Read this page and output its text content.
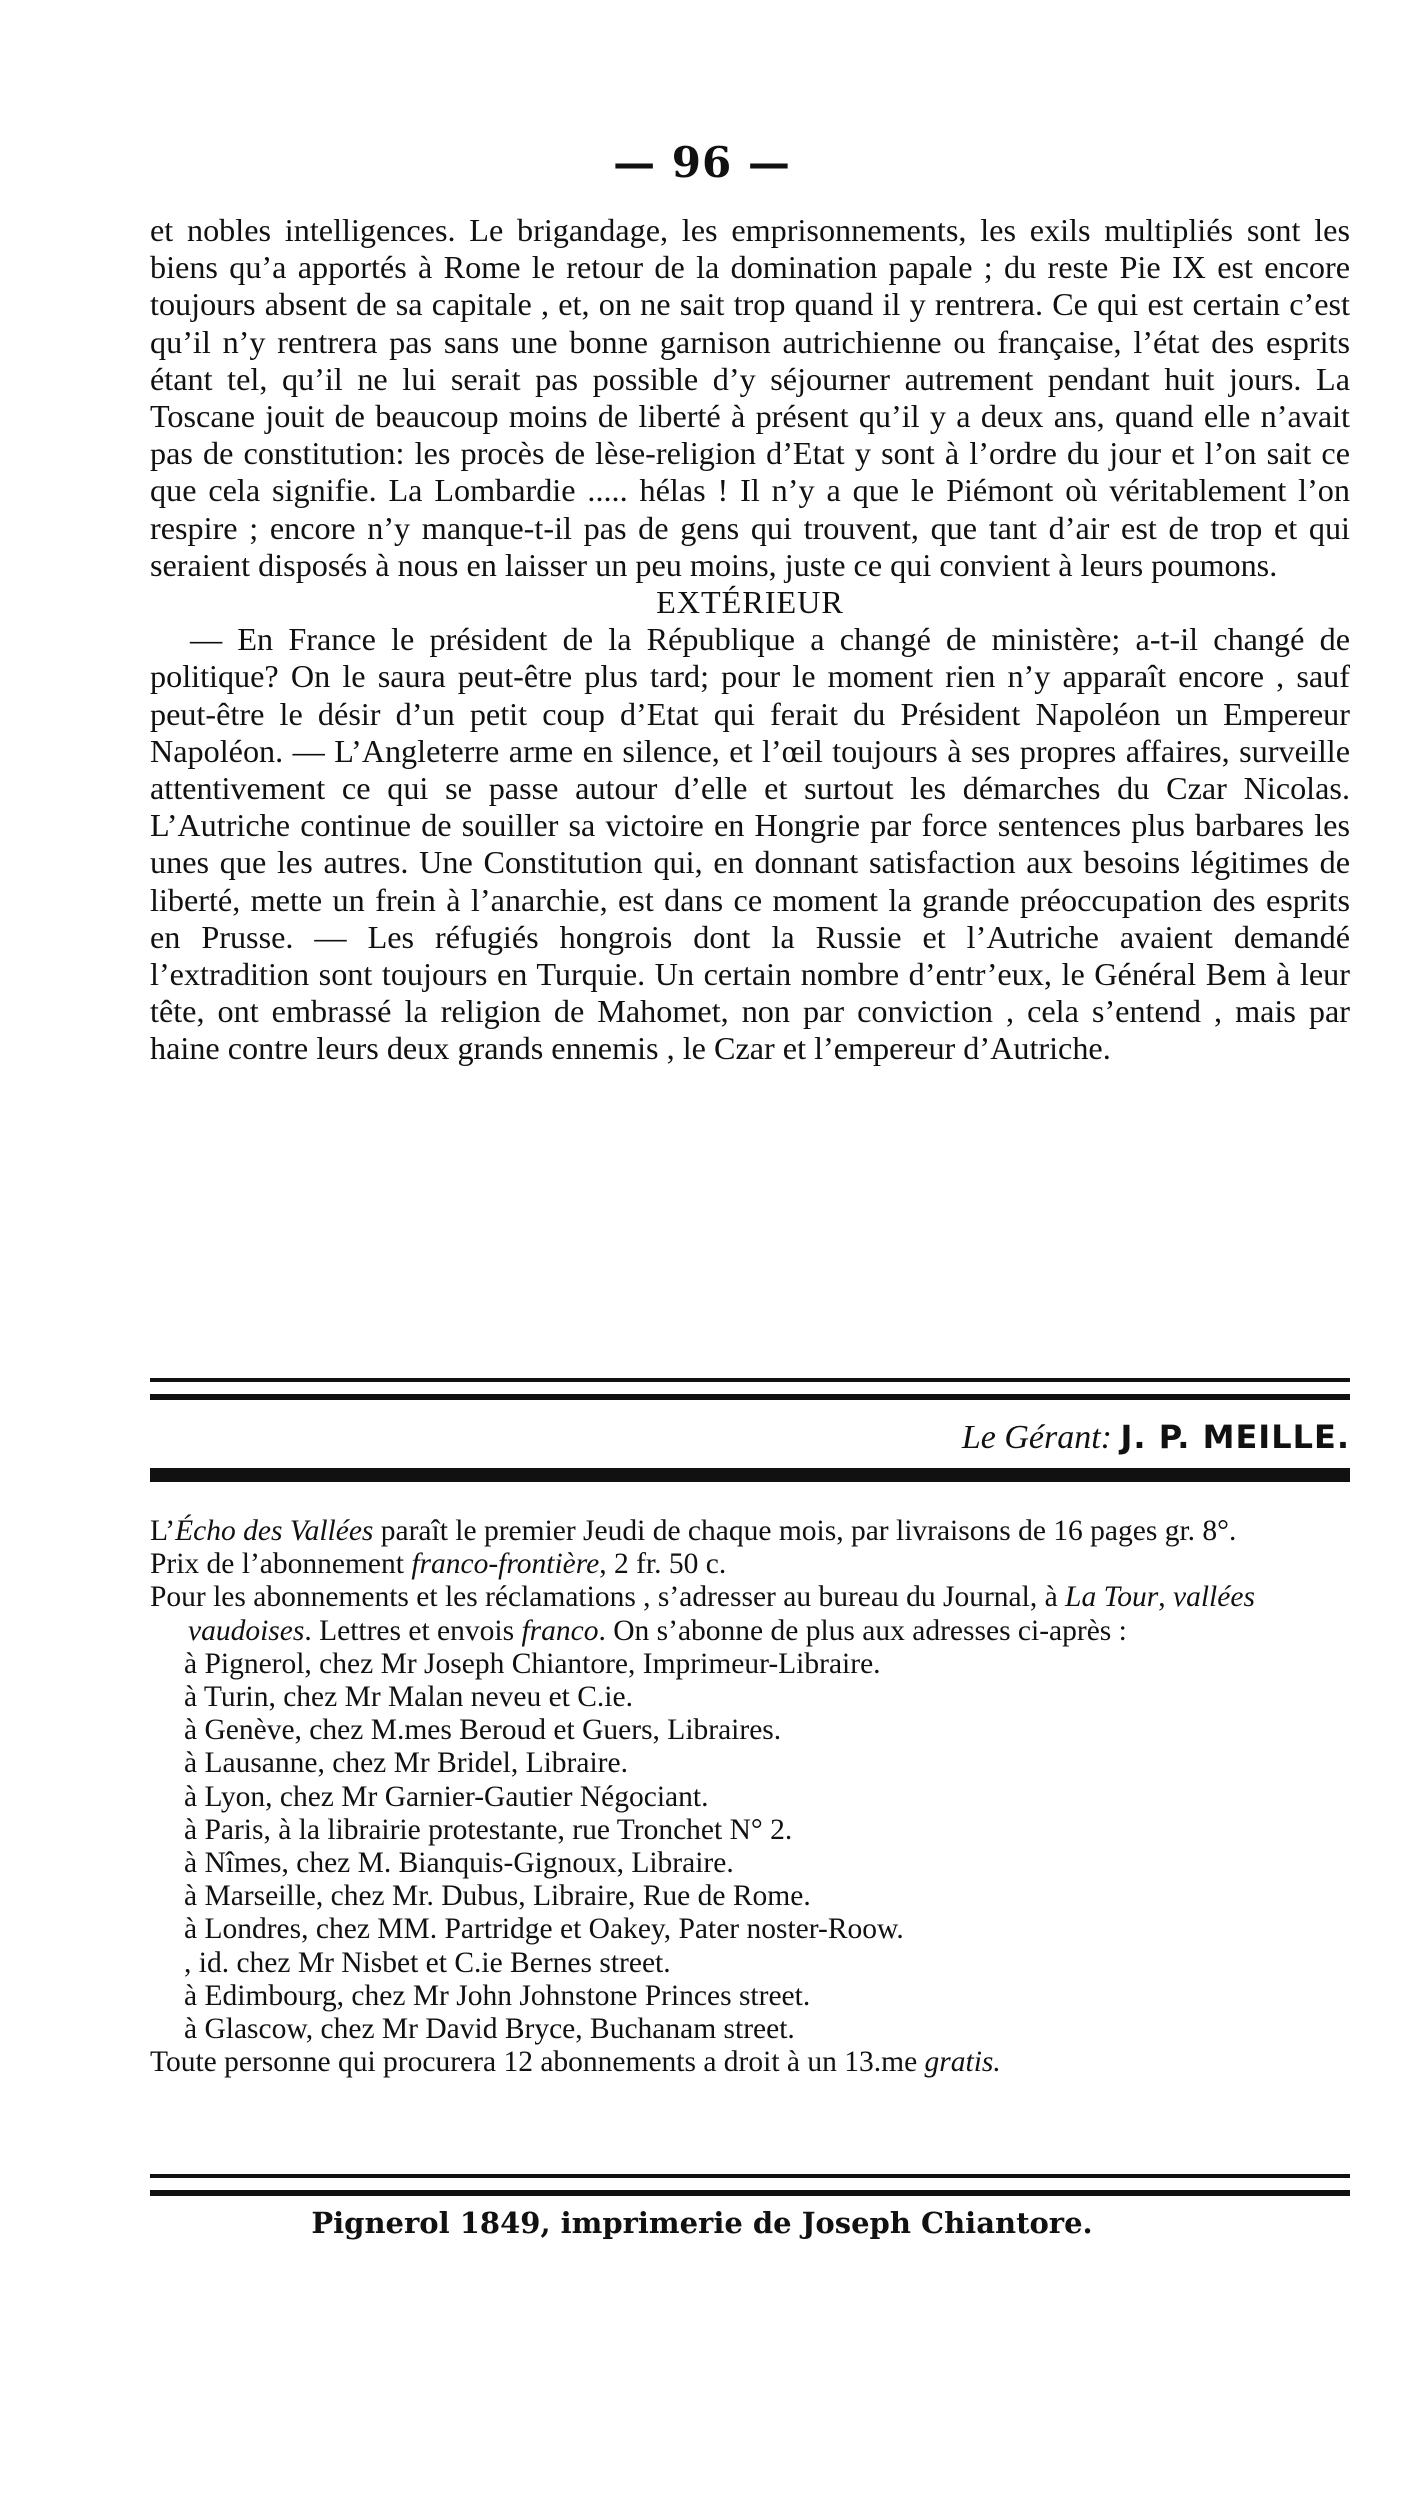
— 96 —

et nobles intelligences. Le brigandage, les emprisonnements, les exils multipliés sont les biens qu’a apportés à Rome le retour de la domination papale ; du reste Pie IX est encore toujours absent de sa capitale , et, on ne sait trop quand il y rentrera. Ce qui est certain c’est qu’il n’y rentrera pas sans une bonne garnison autrichienne ou française, l’état des esprits étant tel, qu’il ne lui serait pas possible d’y séjourner autrement pendant huit jours. La Toscane jouit de beaucoup moins de liberté à présent qu’il y a deux ans, quand elle n’avait pas de constitution: les procès de lèse-religion d’Etat y sont à l’ordre du jour et l’on sait ce que cela signifie. La Lombardie ..... hélas ! Il n’y a que le Piémont où véritablement l’on respire ; encore n’y manque-t-il pas de gens qui trouvent, que tant d’air est de trop et qui seraient disposés à nous en laisser un peu moins, juste ce qui convient à leurs poumons.

EXTÉRIEUR

— En France le président de la République a changé de ministère; a-t-il changé de politique? On le saura peut-être plus tard; pour le moment rien n’y apparaît encore , sauf peut-être le désir d’un petit coup d’Etat qui ferait du Président Napoléon un Empereur Napoléon. — L’Angleterre arme en silence, et l’œil toujours à ses propres affaires, surveille attentivement ce qui se passe autour d’elle et surtout les démarches du Czar Nicolas. L’Autriche continue de souiller sa victoire en Hongrie par force sentences plus barbares les unes que les autres. Une Constitution qui, en donnant satisfaction aux besoins légitimes de liberté, mette un frein à l’anarchie, est dans ce moment la grande préoccupation des esprits en Prusse. — Les réfugiés hongrois dont la Russie et l’Autriche avaient demandé l’extradition sont toujours en Turquie. Un certain nombre d’entr’eux, le Général Bem à leur tête, ont embrassé la religion de Mahomet, non par conviction , cela s’entend , mais par haine contre leurs deux grands ennemis , le Czar et l’empereur d’Autriche.

Le Gérant: J. P. MEILLE.

L’Écho des Vallées paraît le premier Jeudi de chaque mois, par livraisons de 16 pages gr. 8°.

Prix de l’abonnement franco-frontière, 2 fr. 50 c.

Pour les abonnements et les réclamations , s’adresser au bureau du Journal, à La Tour, vallées vaudoises. Lettres et envois franco. On s’abonne de plus aux adresses ci-après :

à Pignerol, chez Mr Joseph Chiantore, Imprimeur-Libraire.

à Turin, chez Mr Malan neveu et C.ie.

à Genève, chez M.mes Beroud et Guers, Libraires.

à Lausanne, chez Mr Bridel, Libraire.

à Lyon, chez Mr Garnier-Gautier Négociant.

à Paris, à la librairie protestante, rue Tronchet N° 2.

à Nîmes, chez M. Bianquis-Gignoux, Libraire.

à Marseille, chez Mr. Dubus, Libraire, Rue de Rome.

à Londres, chez MM. Partridge et Oakey, Pater noster-Roow.

, id. chez Mr Nisbet et C.ie Bernes street.

à Edimbourg, chez Mr John Johnstone Princes street.

à Glascow, chez Mr David Bryce, Buchanam street.

Toute personne qui procurera 12 abonnements a droit à un 13.me gratis.

Pignerol 1849, imprimerie de Joseph Chiantore.
